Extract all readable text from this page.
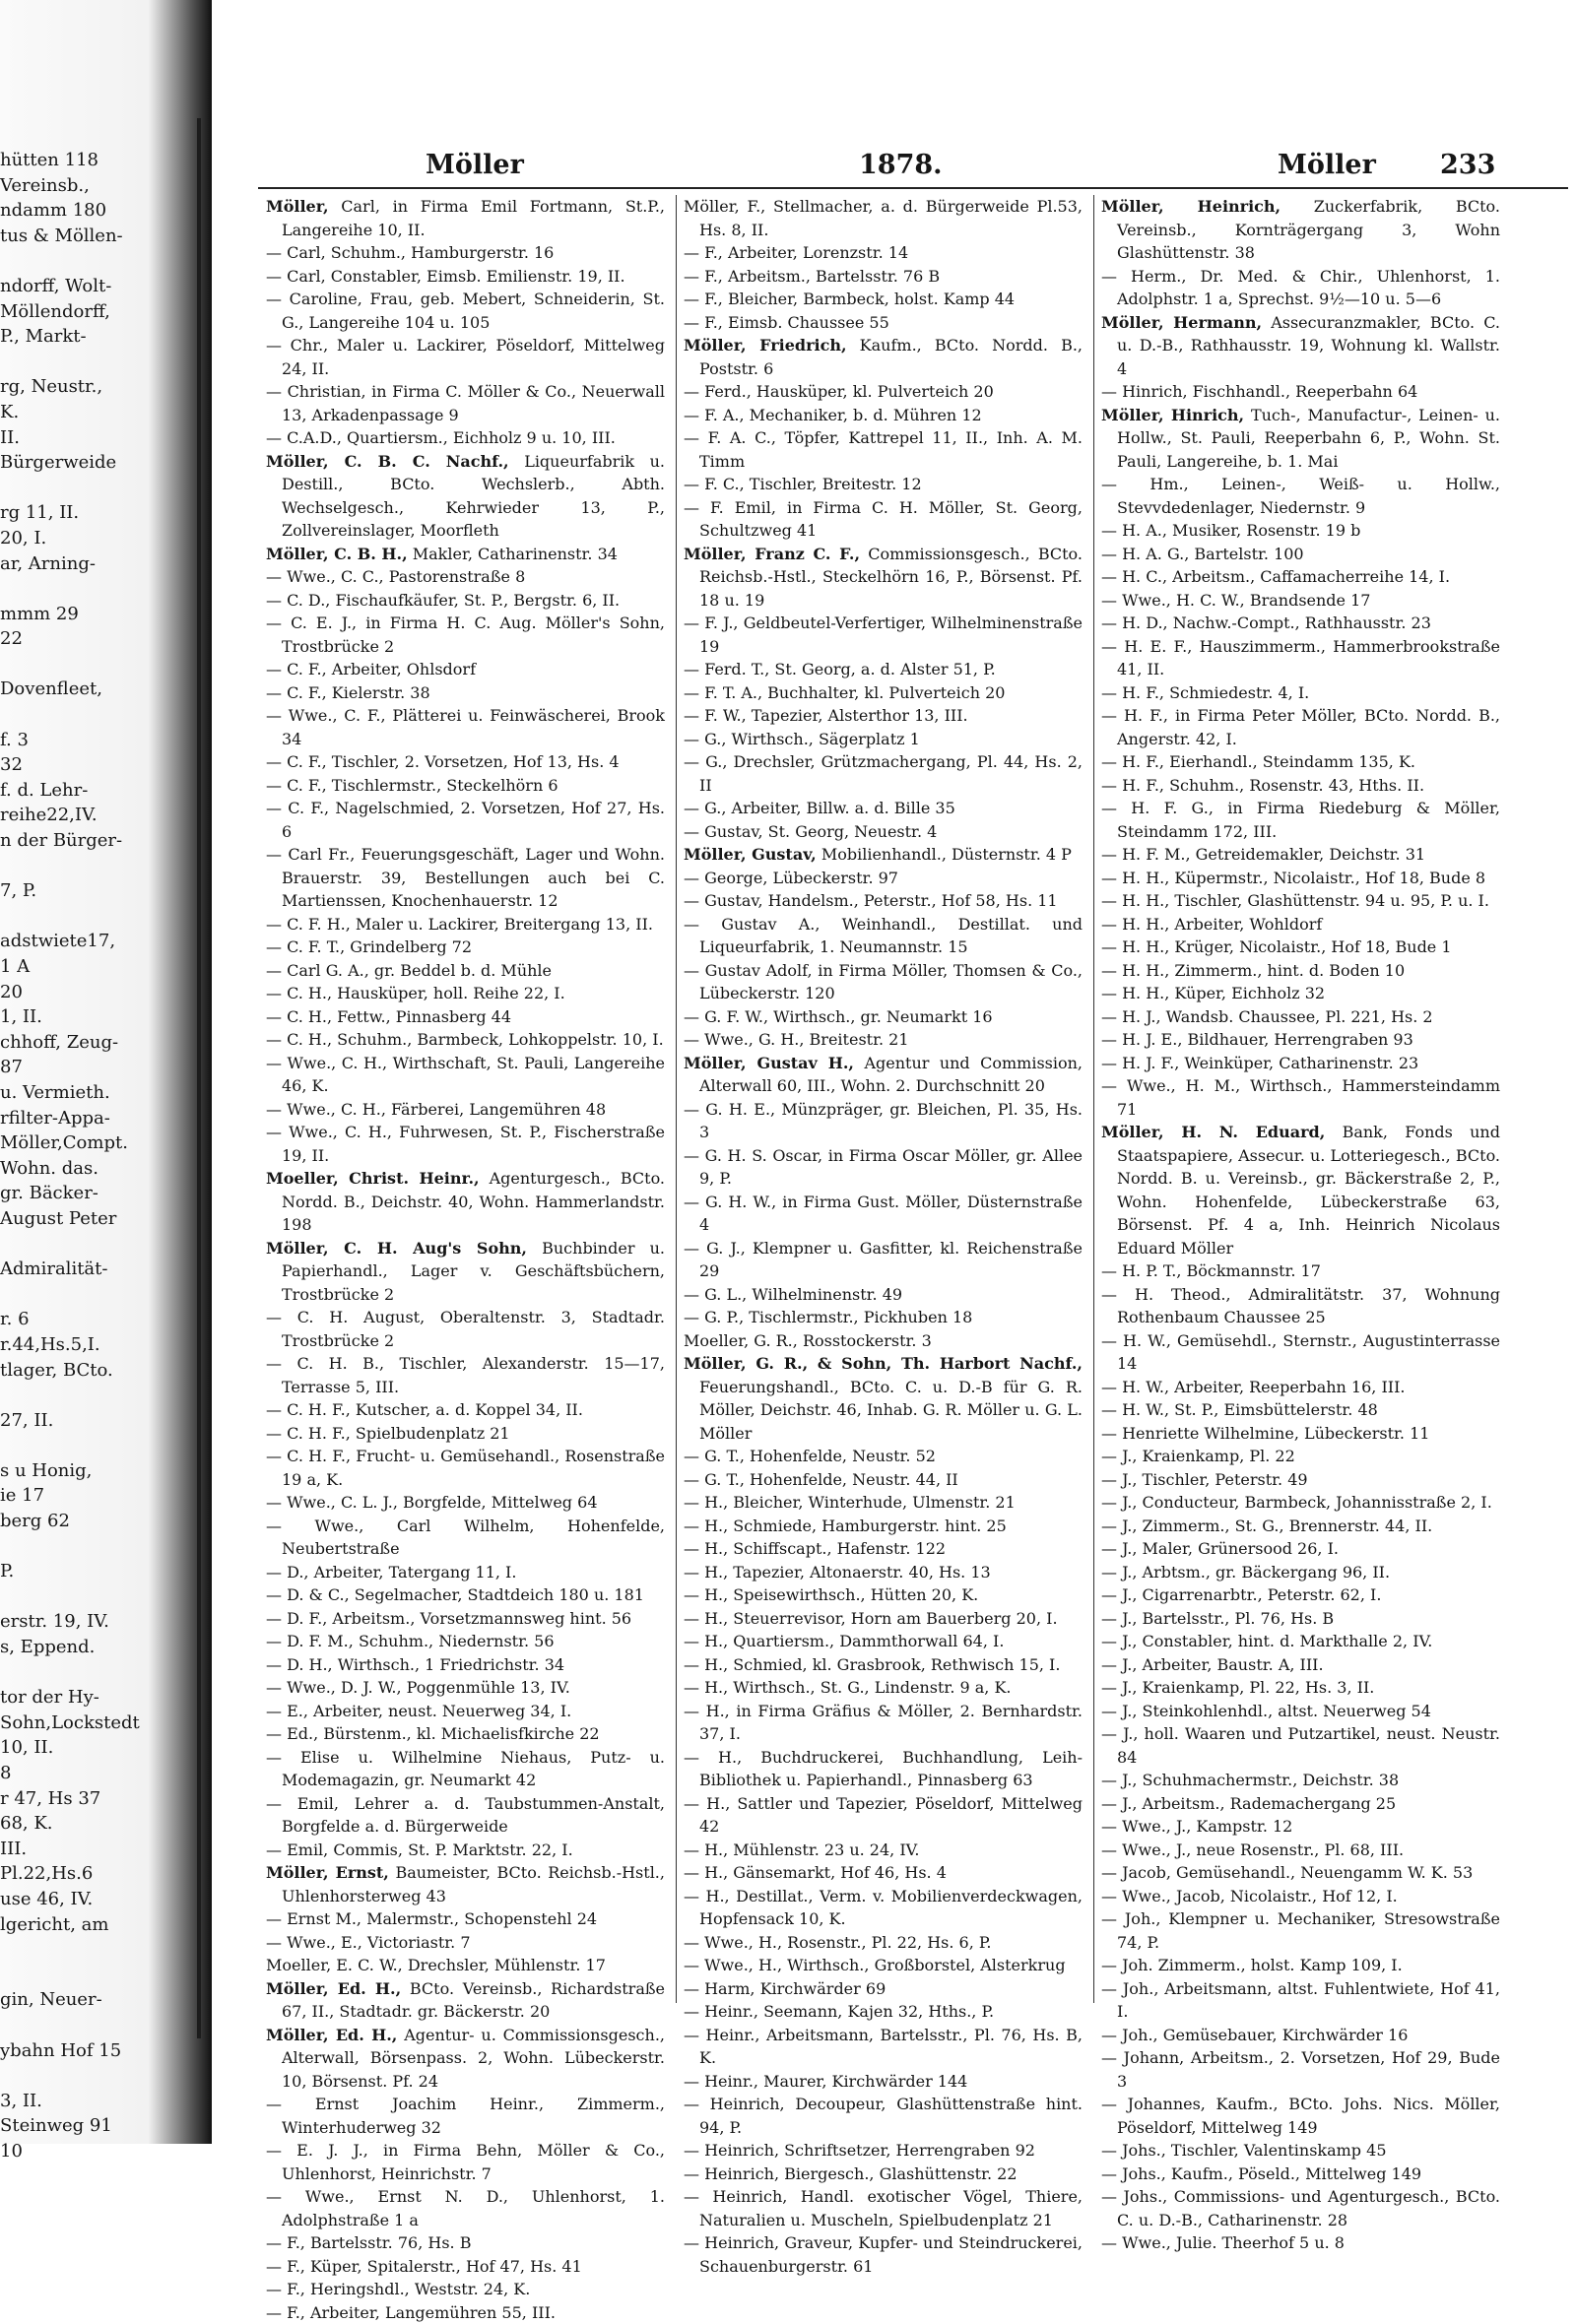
hütten 118
Vereinsb.,
ndamm 180
tus & Möllen-
ndorff, Wolt-
Möllendorff,
P., Markt-
rg, Neustr.,
K.
II.
Bürgerweide
rg 11, II.
20, I.
ar, Arning-
mmm 29
22
Dovenfleet,
f. 3
32
f. d. Lehr-
reihe22,IV.
n der Bürger-
7, P.
adstwiete17,
1 A
20
1, II.
chhoff, Zeug-
87
u. Vermieth.
rfilter-Appa-
Möller,Compt.
Wohn. das.
gr. Bäcker-
August Peter
Admiralität-
r. 6
r.44,Hs.5,I.
tlager, BCto.
27, II.
s u Honig,
ie 17
berg 62
P.
erstr. 19, IV.
s, Eppend.
tor der Hy-
Sohn,Lockstedt
10, II.
8
r 47, Hs 37
68, K.
III.
Pl.22,Hs.6
use 46, IV.
lgericht, am
gin, Neuer-
ybahn Hof 15
3, II.
Steinweg 91
10
Möller	1878.	Möller 233
Möller, Carl, in Firma Emil Fortmann, St.P., Langereihe 10, II.
— Carl, Schuhm., Hamburgerstr. 16
— Carl, Constabler, Eimsb. Emilienstr. 19, II.
— Caroline, Frau, geb. Mebert, Schneiderin, St. G., Langereihe 104 u. 105
— Chr., Maler u. Lackirer, Pöseldorf, Mittelweg 24, II.
— Christian, in Firma C. Möller & Co., Neuerwall 13, Arkadenpassage 9
— C.A.D., Quartiersm., Eichholz 9 u. 10, III.
Möller, C. B. C. Nachf., Liqueurfabrik u. Destill., BCto. Wechslerb., Abth. Wechselgesch., Kehrwieder 13, P., Zollvereinslager, Moorfleth
Möller, C. B. H., Makler, Catharinenstr. 34
— Wwe., C. C., Pastorenstraße 8
— C. D., Fischaufkäufer, St. P., Bergstr. 6, II.
— C. E. J., in Firma H. C. Aug. Möller's Sohn, Trostbrücke 2
— C. F., Arbeiter, Ohlsdorf
— C. F., Kielerstr. 38
— Wwe., C. F., Plätterei u. Feinwäscherei, Brook 34
— C. F., Tischler, 2. Vorsetzen, Hof 13, Hs. 4
— C. F., Tischlermstr., Steckelhörn 6
— C. F., Nagelschmied, 2. Vorsetzen, Hof 27, Hs. 6
— Carl Fr., Feuerungsgeschäft, Lager und Wohn. Brauerstr. 39, Bestellungen auch bei C. Martienssen, Knochenhauerstr. 12
— C. F. H., Maler u. Lackirer, Breitergang 13, II.
— C. F. T., Grindelberg 72
— Carl G. A., gr. Beddel b. d. Mühle
— C. H., Hausküper, holl. Reihe 22, I.
— C. H., Fettw., Pinnasberg 44
— C. H., Schuhm., Barmbeck, Lohkoppelstr. 10, I.
— Wwe., C. H., Wirthschaft, St. Pauli, Langereihe 46, K.
— Wwe., C. H., Färberei, Langemühren 48
— Wwe., C. H., Fuhrwesen, St. P., Fischerstraße 19, II.
Moeller, Christ. Heinr., Agenturgesch., BCto. Nordd. B., Deichstr. 40, Wohn. Hammerlandstr. 198
Möller, C. H. Aug's Sohn, Buchbinder u. Papierhandl., Lager v. Geschäftsbüchern, Trostbrücke 2
— C. H. August, Oberaltenstr. 3, Stadtadr. Trostbrücke 2
— C. H. B., Tischler, Alexanderstr. 15—17, Terrasse 5, III.
— C. H. F., Kutscher, a. d. Koppel 34, II.
— C. H. F., Spielbudenplatz 21
— C. H. F., Frucht- u. Gemüsehandl., Rosenstraße 19 a, K.
— Wwe., C. L. J., Borgfelde, Mittelweg 64
— Wwe., Carl Wilhelm, Hohenfelde, Neubertstraße
— D., Arbeiter, Tatergang 11, I.
— D. & C., Segelmacher, Stadtdeich 180 u. 181
— D. F., Arbeitsm., Vorsetzmannsweg hint. 56
— D. F. M., Schuhm., Niedernstr. 56
— D. H., Wirthsch., 1 Friedrichstr. 34
— Wwe., D. J. W., Poggenmühle 13, IV.
— E., Arbeiter, neust. Neuerweg 34, I.
— Ed., Bürstenm., kl. Michaelisfkirche 22
— Elise u. Wilhelmine Niehaus, Putz- u. Modemagazin, gr. Neumarkt 42
— Emil, Lehrer a. d. Taubstummen-Anstalt, Borgfelde a. d. Bürgerweide
— Emil, Commis, St. P. Marktstr. 22, I.
Möller, Ernst, Baumeister, BCto. Reichsb.-Hstl., Uhlenhorsterweg 43
— Ernst M., Malermstr., Schopenstehl 24
— Wwe., E., Victoriastr. 7
Moeller, E. C. W., Drechsler, Mühlenstr. 17
Möller, Ed. H., BCto. Vereinsb., Richardstraße 67, II., Stadtadr. gr. Bäckerstr. 20
Möller, Ed. H., Agentur- u. Commissionsgesch., Alterwall, Börsenpass. 2, Wohn. Lübeckerstr. 10, Börsenst. Pf. 24
— Ernst Joachim Heinr., Zimmerm., Winterhuderweg 32
— E. J. J., in Firma Behn, Möller & Co., Uhlenhorst, Heinrichstr. 7
— Wwe., Ernst N. D., Uhlenhorst, 1. Adolphstraße 1 a
— F., Bartelsstr. 76, Hs. B
— F., Küper, Spitalerstr., Hof 47, Hs. 41
— F., Heringshdl., Weststr. 24, K.
— F., Arbeiter, Langemühren 55, III.
Möller, F., Stellmacher, a. d. Bürgerweide Pl.53, Hs. 8, II.
— F., Arbeiter, Lorenzstr. 14
— F., Arbeitsm., Bartelsstr. 76 B
— F., Bleicher, Barmbeck, holst. Kamp 44
— F., Eimsb. Chaussee 55
Möller, Friedrich, Kaufm., BCto. Nordd. B., Poststr. 6
— Ferd., Hausküper, kl. Pulverteich 20
— F. A., Mechaniker, b. d. Mühren 12
— F. A. C., Töpfer, Kattrepel 11, II., Inh. A. M. Timm
— F. C., Tischler, Breitestr. 12
— F. Emil, in Firma C. H. Möller, St. Georg, Schultzweg 41
Möller, Franz C. F., Commissionsgesch., BCto. Reichsb.-Hstl., Steckelhörn 16, P., Börsenst. Pf. 18 u. 19
— F. J., Geldbeutel-Verfertiger, Wilhelminenstraße 19
— Ferd. T., St. Georg, a. d. Alster 51, P.
— F. T. A., Buchhalter, kl. Pulverteich 20
— F. W., Tapezier, Alsterthor 13, III.
— G., Wirthsch., Sägerplatz 1
— G., Drechsler, Grützmachergang, Pl. 44, Hs. 2, II
— G., Arbeiter, Billw. a. d. Bille 35
— Gustav, St. Georg, Neuestr. 4
Möller, Gustav, Mobilienhandl., Düsternstr. 4 P
— George, Lübeckerstr. 97
— Gustav, Handelsm., Peterstr., Hof 58, Hs. 11
— Gustav A., Weinhandl., Destillat. und Liqueurfabrik, 1. Neumannstr. 15
— Gustav Adolf, in Firma Möller, Thomsen & Co., Lübeckerstr. 120
— G. F. W., Wirthsch., gr. Neumarkt 16
— Wwe., G. H., Breitestr. 21
Möller, Gustav H., Agentur und Commission, Alterwall 60, III., Wohn. 2. Durchschnitt 20
— G. H. E., Münzpräger, gr. Bleichen, Pl. 35, Hs. 3
— G. H. S. Oscar, in Firma Oscar Möller, gr. Allee 9, P.
— G. H. W., in Firma Gust. Möller, Düsternstraße 4
— G. J., Klempner u. Gasfitter, kl. Reichenstraße 29
— G. L., Wilhelminenstr. 49
— G. P., Tischlermstr., Pickhuben 18
Moeller, G. R., Rosstockerstr. 3
Möller, G. R., & Sohn, Th. Harbort Nachf., Feuerungshandl., BCto. C. u. D.-B für G. R. Möller, Deichstr. 46, Inhab. G. R. Möller u. G. L. Möller
— G. T., Hohenfelde, Neustr. 52
— G. T., Hohenfelde, Neustr. 44, II
— H., Bleicher, Winterhude, Ulmenstr. 21
— H., Schmiede, Hamburgerstr. hint. 25
— H., Schiffscapt., Hafenstr. 122
— H., Tapezier, Altonaerstr. 40, Hs. 13
— H., Speisewirthsch., Hütten 20, K.
— H., Steuerrevisor, Horn am Bauerberg 20, I.
— H., Quartiersm., Dammthorwall 64, I.
— H., Schmied, kl. Grasbrook, Rethwisch 15, I.
— H., Wirthsch., St. G., Lindenstr. 9 a, K.
— H., in Firma Gräfius & Möller, 2. Bernhardstr. 37, I.
— H., Buchdruckerei, Buchhandlung, Leih-Bibliothek u. Papierhandl., Pinnasberg 63
— H., Sattler und Tapezier, Pöseldorf, Mittelweg 42
— H., Mühlenstr. 23 u. 24, IV.
— H., Gänsemarkt, Hof 46, Hs. 4
— H., Destillat., Verm. v. Mobilienverdeckwagen, Hopfensack 10, K.
— Wwe., H., Rosenstr., Pl. 22, Hs. 6, P.
— Wwe., H., Wirthsch., Großborstel, Alsterkrug
— Harm, Kirchwärder 69
— Heinr., Seemann, Kajen 32, Hths., P.
— Heinr., Arbeitsmann, Bartelsstr., Pl. 76, Hs. B, K.
— Heinr., Maurer, Kirchwärder 144
— Heinrich, Decoupeur, Glashüttenstraße hint. 94, P.
— Heinrich, Schriftsetzer, Herrengraben 92
— Heinrich, Biergesch., Glashüttenstr. 22
— Heinrich, Handl. exotischer Vögel, Thiere, Naturalien u. Muscheln, Spielbudenplatz 21
— Heinrich, Graveur, Kupfer- und Steindruckerei, Schauenburgerstr. 61
Möller, Heinrich, Zuckerfabrik, BCto. Vereinsb., Kornträgergang 3, Wohn Glashüttenstr. 38
— Herm., Dr. Med. & Chir., Uhlenhorst, 1. Adolphstr. 1 a, Sprechst. 9½—10 u. 5—6
Möller, Hermann, Assecuranzmakler, BCto. C. u. D.-B., Rathhausstr. 19, Wohnung kl. Wallstr. 4
— Hinrich, Fischhandl., Reeperbahn 64
Möller, Hinrich, Tuch-, Manufactur-, Leinen- u. Hollw., St. Pauli, Reeperbahn 6, P., Wohn. St. Pauli, Langereihe, b. 1. Mai
— Hm., Leinen-, Weiß- u. Hollw., Stevvdedenlager, Niedernstr. 9
— H. A., Musiker, Rosenstr. 19 b
— H. A. G., Bartelstr. 100
— H. C., Arbeitsm., Caffamacherreihe 14, I.
— Wwe., H. C. W., Brandsende 17
— H. D., Nachw.-Compt., Rathhausstr. 23
— H. E. F., Hauszimmerm., Hammerbrookstraße 41, II.
— H. F., Schmiedestr. 4, I.
— H. F., in Firma Peter Möller, BCto. Nordd. B., Angerstr. 42, I.
— H. F., Eierhandl., Steindamm 135, K.
— H. F., Schuhm., Rosenstr. 43, Hths. II.
— H. F. G., in Firma Riedeburg & Möller, Steindamm 172, III.
— H. F. M., Getreidemakler, Deichstr. 31
— H. H., Küpermstr., Nicolaistr., Hof 18, Bude 8
— H. H., Tischler, Glashüttenstr. 94 u. 95, P. u. I.
— H. H., Arbeiter, Wohldorf
— H. H., Krüger, Nicolaistr., Hof 18, Bude 1
— H. H., Zimmerm., hint. d. Boden 10
— H. H., Küper, Eichholz 32
— H. J., Wandsb. Chaussee, Pl. 221, Hs. 2
— H. J. E., Bildhauer, Herrengraben 93
— H. J. F., Weinküper, Catharinenstr. 23
— Wwe., H. M., Wirthsch., Hammersteindamm 71
Möller, H. N. Eduard, Bank, Fonds und Staatspapiere, Assecur. u. Lotteriegesch., BCto. Nordd. B. u. Vereinsb., gr. Bäckerstraße 2, P., Wohn. Hohenfelde, Lübeckerstraße 63, Börsenst. Pf. 4 a, Inh. Heinrich Nicolaus Eduard Möller
— H. P. T., Böckmannstr. 17
— H. Theod., Admiralitätstr. 37, Wohnung Rothenbaum Chaussee 25
— H. W., Gemüsehdl., Sternstr., Augustinterrasse 14
— H. W., Arbeiter, Reeperbahn 16, III.
— H. W., St. P., Eimsbüttelerstr. 48
— Henriette Wilhelmine, Lübeckerstr. 11
— J., Kraienkamp, Pl. 22
— J., Tischler, Peterstr. 49
— J., Conducteur, Barmbeck, Johannisstraße 2, I.
— J., Zimmerm., St. G., Brennerstr. 44, II.
— J., Maler, Grünersood 26, I.
— J., Arbtsm., gr. Bäckergang 96, II.
— J., Cigarrenarbtr., Peterstr. 62, I.
— J., Bartelsstr., Pl. 76, Hs. B
— J., Constabler, hint. d. Markthalle 2, IV.
— J., Arbeiter, Baustr. A, III.
— J., Kraienkamp, Pl. 22, Hs. 3, II.
— J., Steinkohlenhdl., altst. Neuerweg 54
— J., holl. Waaren und Putzartikel, neust. Neustr. 84
— J., Schuhmachermstr., Deichstr. 38
— J., Arbeitsm., Rademachergang 25
— Wwe., J., Kampstr. 12
— Wwe., J., neue Rosenstr., Pl. 68, III.
— Jacob, Gemüsehandl., Neuengamm W. K. 53
— Wwe., Jacob, Nicolaistr., Hof 12, I.
— Joh., Klempner u. Mechaniker, Stresowstraße 74, P.
— Joh. Zimmerm., holst. Kamp 109, I.
— Joh., Arbeitsmann, altst. Fuhlentwiete, Hof 41, I.
— Joh., Gemüsebauer, Kirchwärder 16
— Johann, Arbeitsm., 2. Vorsetzen, Hof 29, Bude 3
— Johannes, Kaufm., BCto. Johs. Nics. Möller, Pöseldorf, Mittelweg 149
— Johs., Tischler, Valentinskamp 45
— Johs., Kaufm., Pöseld., Mittelweg 149
— Johs., Commissions- und Agenturgesch., BCto. C. u. D.-B., Catharinenstr. 28
— Wwe., Julie. Theerhof 5 u. 8
